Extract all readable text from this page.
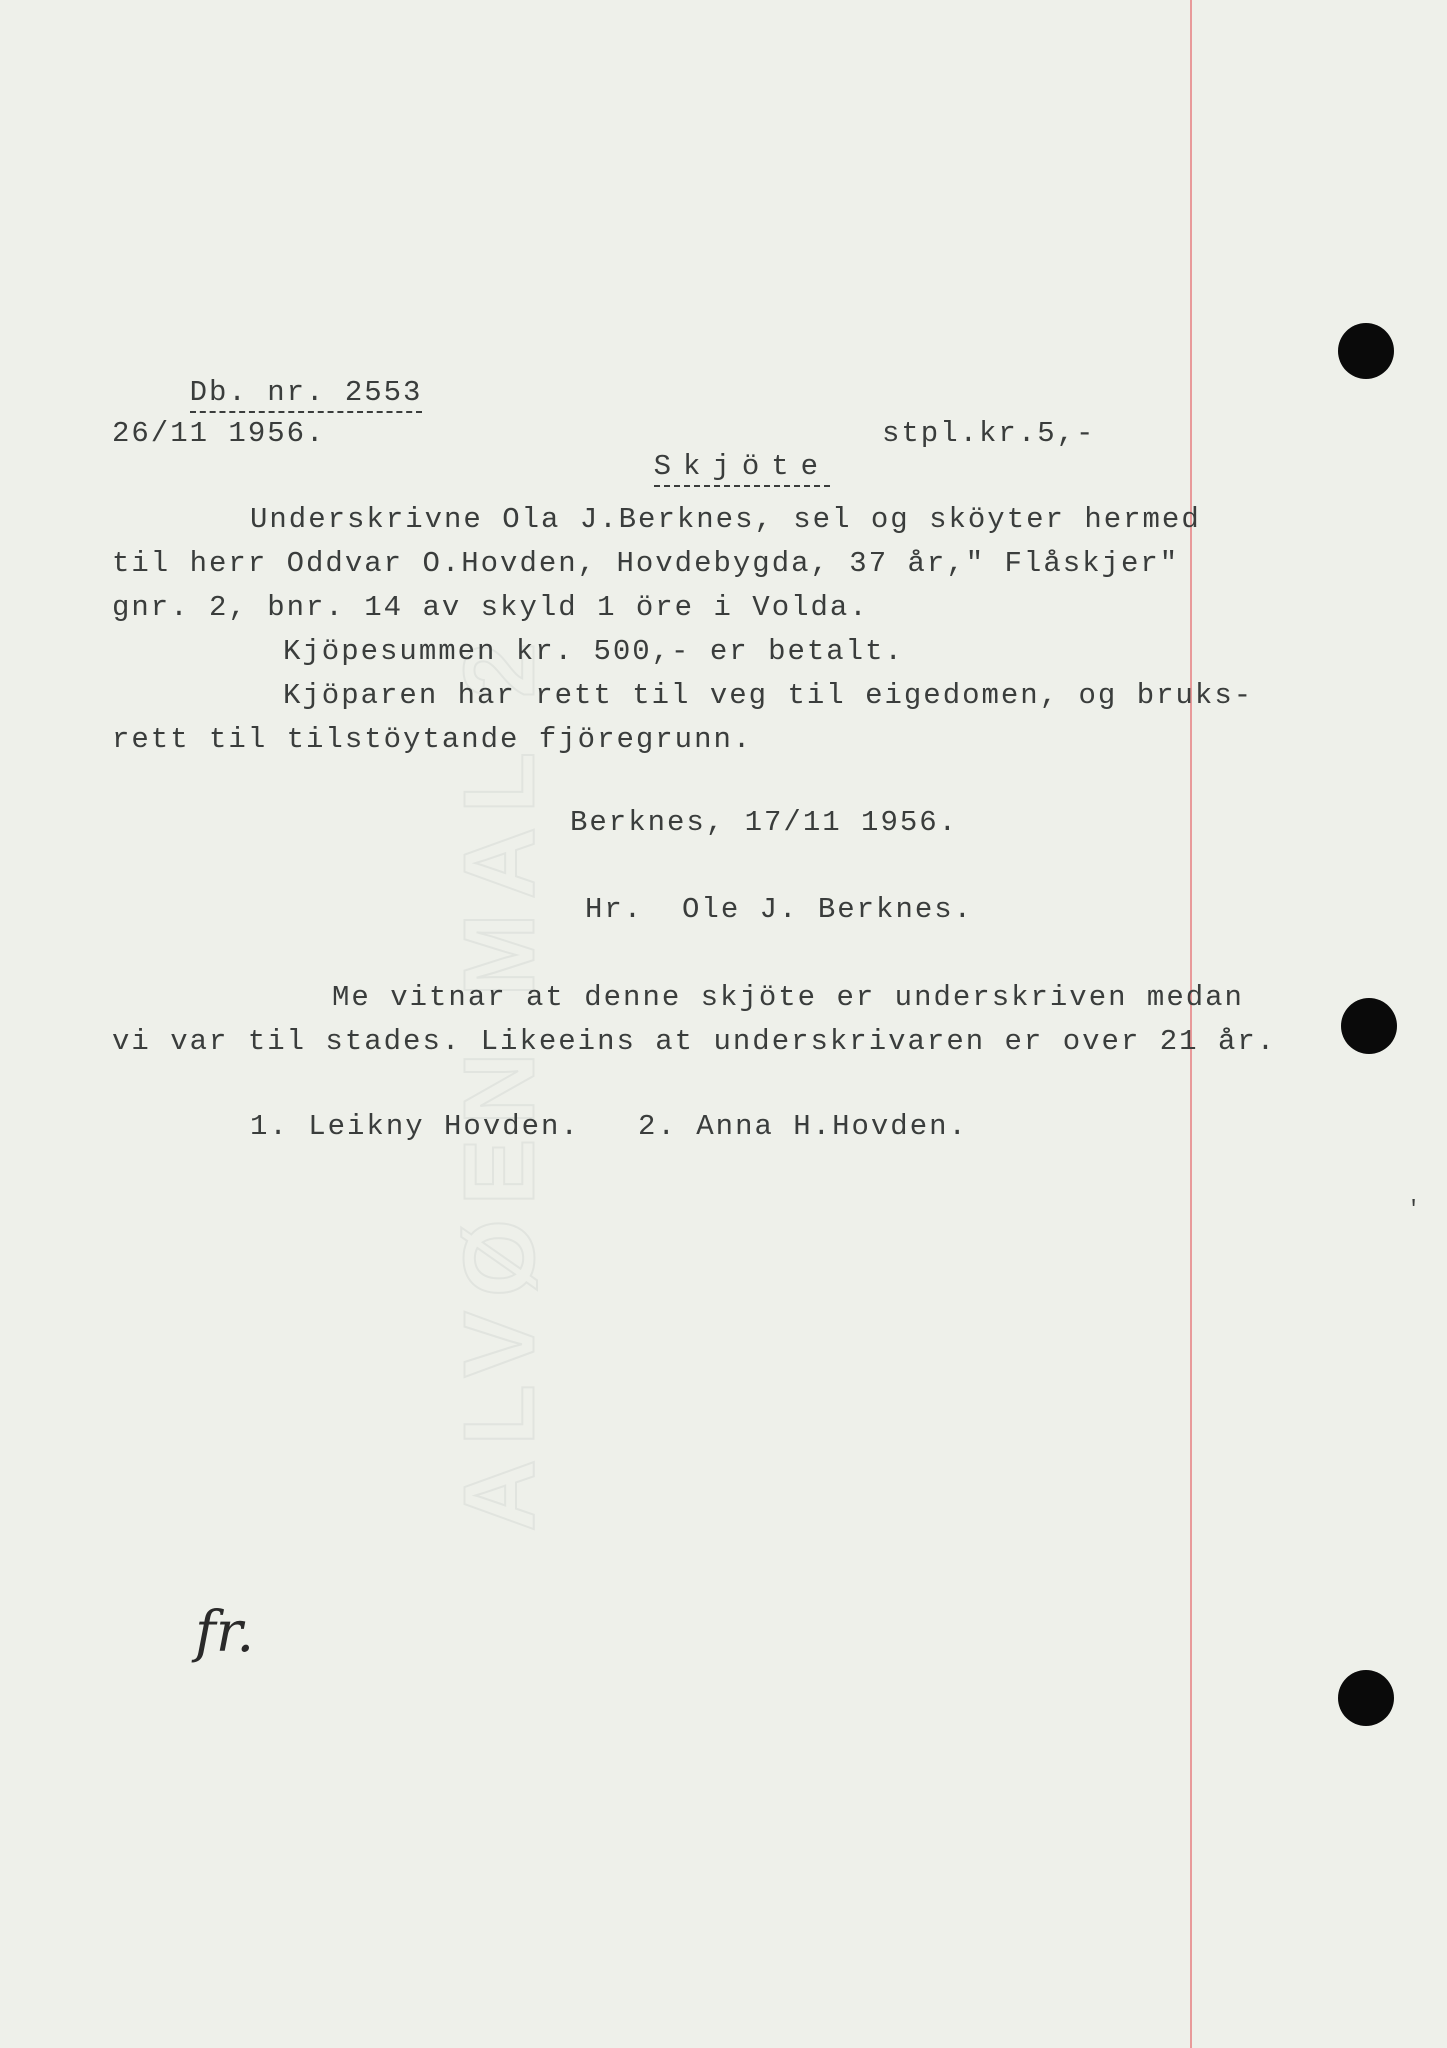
ALVØEN MAL 2

Db. nr. 2553

26/11 1956.

Skjöte

stpl.kr.5,-
Underskrivne Ola J.Berknes, sel og sköyter hermed
til herr Oddvar O.Hovden, Hovdebygda, 37 år," Flåskjer"
gnr. 2, bnr. 14 av skyld 1 öre i Volda.
Kjöpesummen kr. 500,- er betalt.
Kjöparen har rett til veg til eigedomen, og bruks-
rett til tilstöytande fjöregrunn.
Berknes, 17/11 1956.
Hr.  Ole J. Berknes.
Me vitnar at denne skjöte er underskriven medan
vi var til stades. Likeeins at underskrivaren er over 21 år.
1. Leikny Hovden.   2. Anna H.Hovden.
fr.
'
